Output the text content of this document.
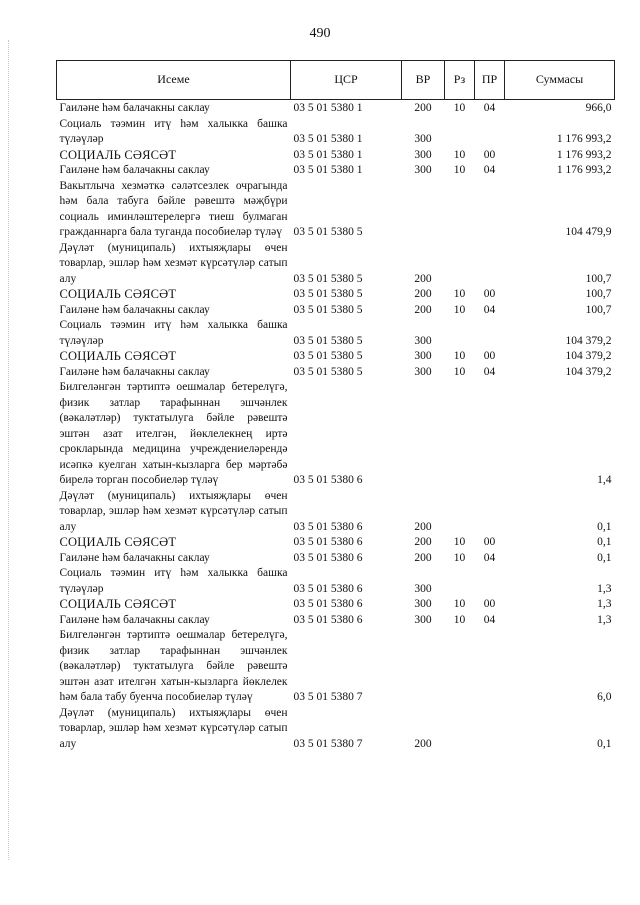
490
Исеме	ЦСР	ВР	Рз	ПР	Суммасы
Гаиләне һәм балачакны саклау	03 5 01 5380 1	200	10	04	966,0
Социаль тәэмин итү һәм халыкка башка түләүләр	03 5 01 5380 1	300			1 176 993,2
СОЦИАЛЬ СӘЯСӘТ	03 5 01 5380 1	300	10	00	1 176 993,2
Гаиләне һәм балачакны саклау	03 5 01 5380 1	300	10	04	1 176 993,2
Вакытлыча хезмәткә сәләтсезлек очрагында һәм бала табуга бәйле рәвештә мәҗбүри социаль иминләштерелергә тиеш булмаган гражданнарга бала туганда пособиеләр түләү	03 5 01 5380 5				104 479,9
Дәүләт (муниципаль) ихтыяҗлары өчен товарлар, эшләр һәм хезмәт күрсәтүләр сатып алу	03 5 01 5380 5	200			100,7
СОЦИАЛЬ СӘЯСӘТ	03 5 01 5380 5	200	10	00	100,7
Гаиләне һәм балачакны саклау	03 5 01 5380 5	200	10	04	100,7
Социаль тәэмин итү һәм халыкка башка түләүләр	03 5 01 5380 5	300			104 379,2
СОЦИАЛЬ СӘЯСӘТ	03 5 01 5380 5	300	10	00	104 379,2
Гаиләне һәм балачакны саклау	03 5 01 5380 5	300	10	04	104 379,2
Билгеләнгән тәртиптә оешмалар бетерелүгә, физик затлар тарафыннан эшчәнлек (вәкаләтләр) туктатылуга бәйле рәвештә эштән азат ителгән, йөклелекнең иртә срокларында медицина учреждениеләрендә исәпкә куелган хатын-кызларга бер мәртәбә бирелә торган пособиеләр түләү	03 5 01 5380 6				1,4
Дәүләт (муниципаль) ихтыяҗлары өчен товарлар, эшләр һәм хезмәт күрсәтүләр сатып алу	03 5 01 5380 6	200			0,1
СОЦИАЛЬ СӘЯСӘТ	03 5 01 5380 6	200	10	00	0,1
Гаиләне һәм балачакны саклау	03 5 01 5380 6	200	10	04	0,1
Социаль тәэмин итү һәм халыкка башка түләүләр	03 5 01 5380 6	300			1,3
СОЦИАЛЬ СӘЯСӘТ	03 5 01 5380 6	300	10	00	1,3
Гаиләне һәм балачакны саклау	03 5 01 5380 6	300	10	04	1,3
Билгеләнгән тәртиптә оешмалар бетерелүгә, физик затлар тарафыннан эшчәнлек (вәкаләтләр) туктатылуга бәйле рәвештә эштән азат ителгән хатын-кызларга йөклелек һәм бала табу буенча пособиеләр түләү	03 5 01 5380 7				6,0
Дәүләт (муниципаль) ихтыяҗлары өчен товарлар, эшләр һәм хезмәт күрсәтүләр сатып алу	03 5 01 5380 7	200			0,1
